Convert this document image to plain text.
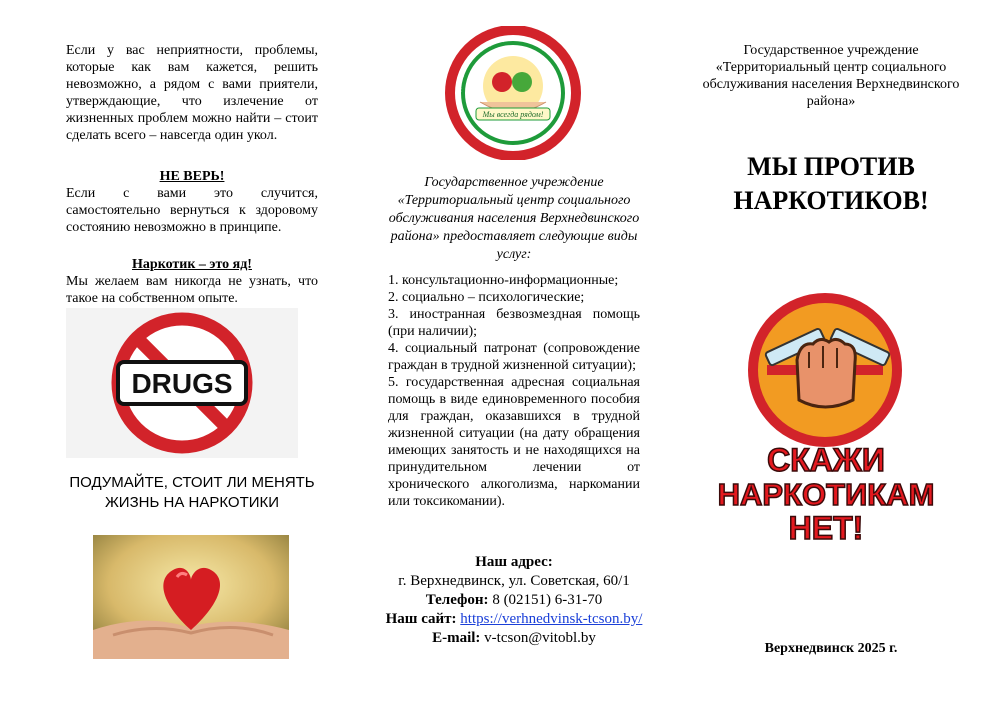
Если у вас неприятности, проблемы, которые как вам кажется, решить невозможно, а рядом с вами приятели, утверждающие, что излечение от жизненных проблем можно найти – стоит сделать всего – навсегда один укол.

НЕ ВЕРЬ!

Если с вами это случится, самостоятельно вернуться к здоровому состоянию невозможно в принципе.

Наркотик – это яд!

Мы желаем вам никогда не узнать, что такое на собственном опыте.

DRUGS
ПОДУМАЙТЕ, СТОИТ ЛИ МЕНЯТЬ ЖИЗНЬ НА НАРКОТИКИ
Мы всегда рядом!
рриториальный центр социального обслуживания населен
Верхнедвинского района
Государственное учреждение «Территориальный центр социального обслуживания населения Верхнедвинского района» предоставляет следующие виды услуг:
1. консультационно-информационные;
2. социально – психологические;
3. иностранная безвозмездная помощь (при наличии);
4. социальный патронат (сопровождение граждан в трудной жизненной ситуации);
5. государственная адресная социальная помощь в виде единовременного пособия для граждан, оказавшихся в трудной жизненной ситуации (на дату обращения имеющих занятость и не находящихся на принудительном лечении от хронического алкоголизма, наркомании или токсикомании).
Наш адрес:
г. Верхнедвинск, ул. Советская, 60/1
Телефон: 8 (02151) 6-31-70
Наш сайт: https://verhnedvinsk-tcson.by/
E-mail: v-tcson@vitobl.by
Государственное учреждение «Территориальный центр социального обслуживания населения Верхнедвинского района»
МЫ ПРОТИВ НАРКОТИКОВ!
СКАЖИ
НАРКОТИКАМ
НЕТ!
Верхнедвинск 2025 г.
